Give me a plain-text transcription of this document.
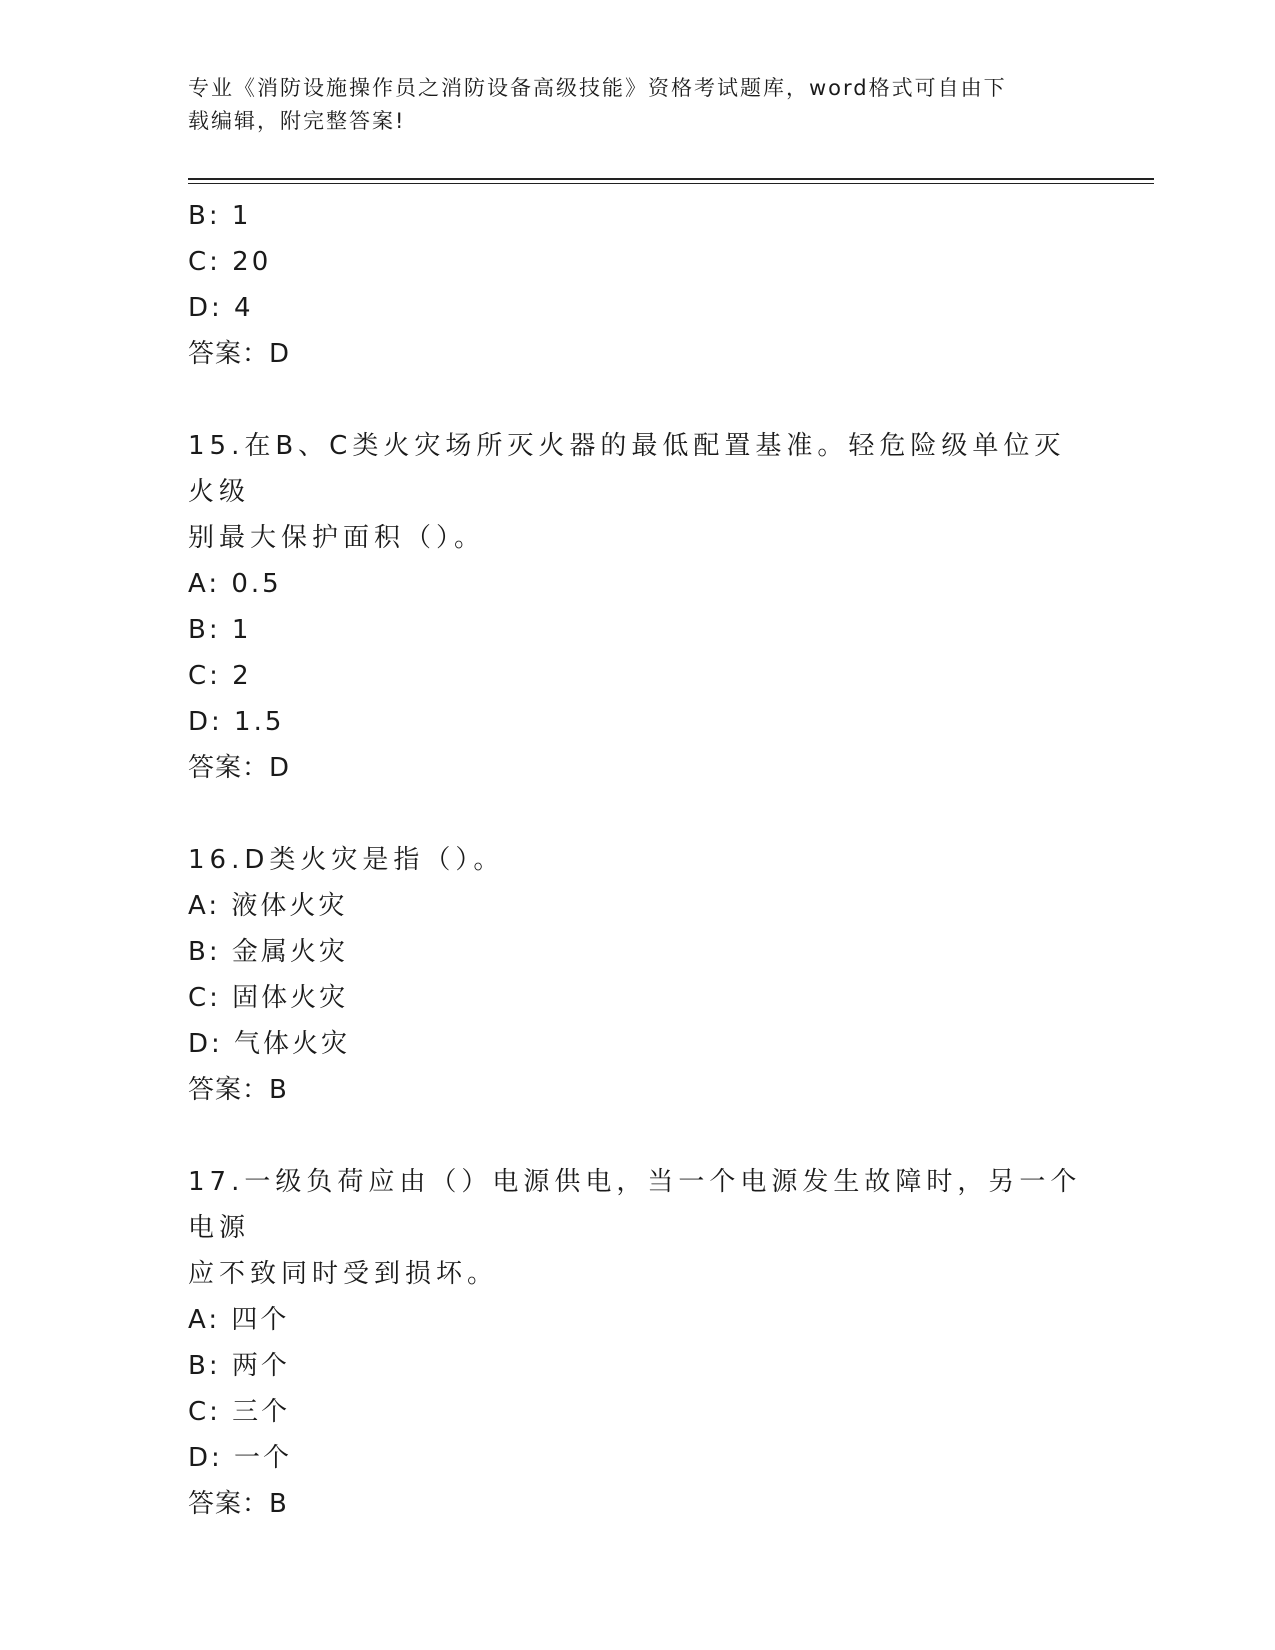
专业《消防设施操作员之消防设备高级技能》资格考试题库，word格式可自由下
载编辑，附完整答案!
B: 1
C: 20
D: 4
答案：D
15.在B、C类火灾场所灭火器的最低配置基准。轻危险级单位灭火级
别最大保护面积（）。
A: 0.5
B: 1
C: 2
D: 1.5
答案：D
16.D类火灾是指（）。
A: 液体火灾
B: 金属火灾
C: 固体火灾
D: 气体火灾
答案：B
17.一级负荷应由（）电源供电，当一个电源发生故障时，另一个电源
应不致同时受到损坏。
A: 四个
B: 两个
C: 三个
D: 一个
答案：B
